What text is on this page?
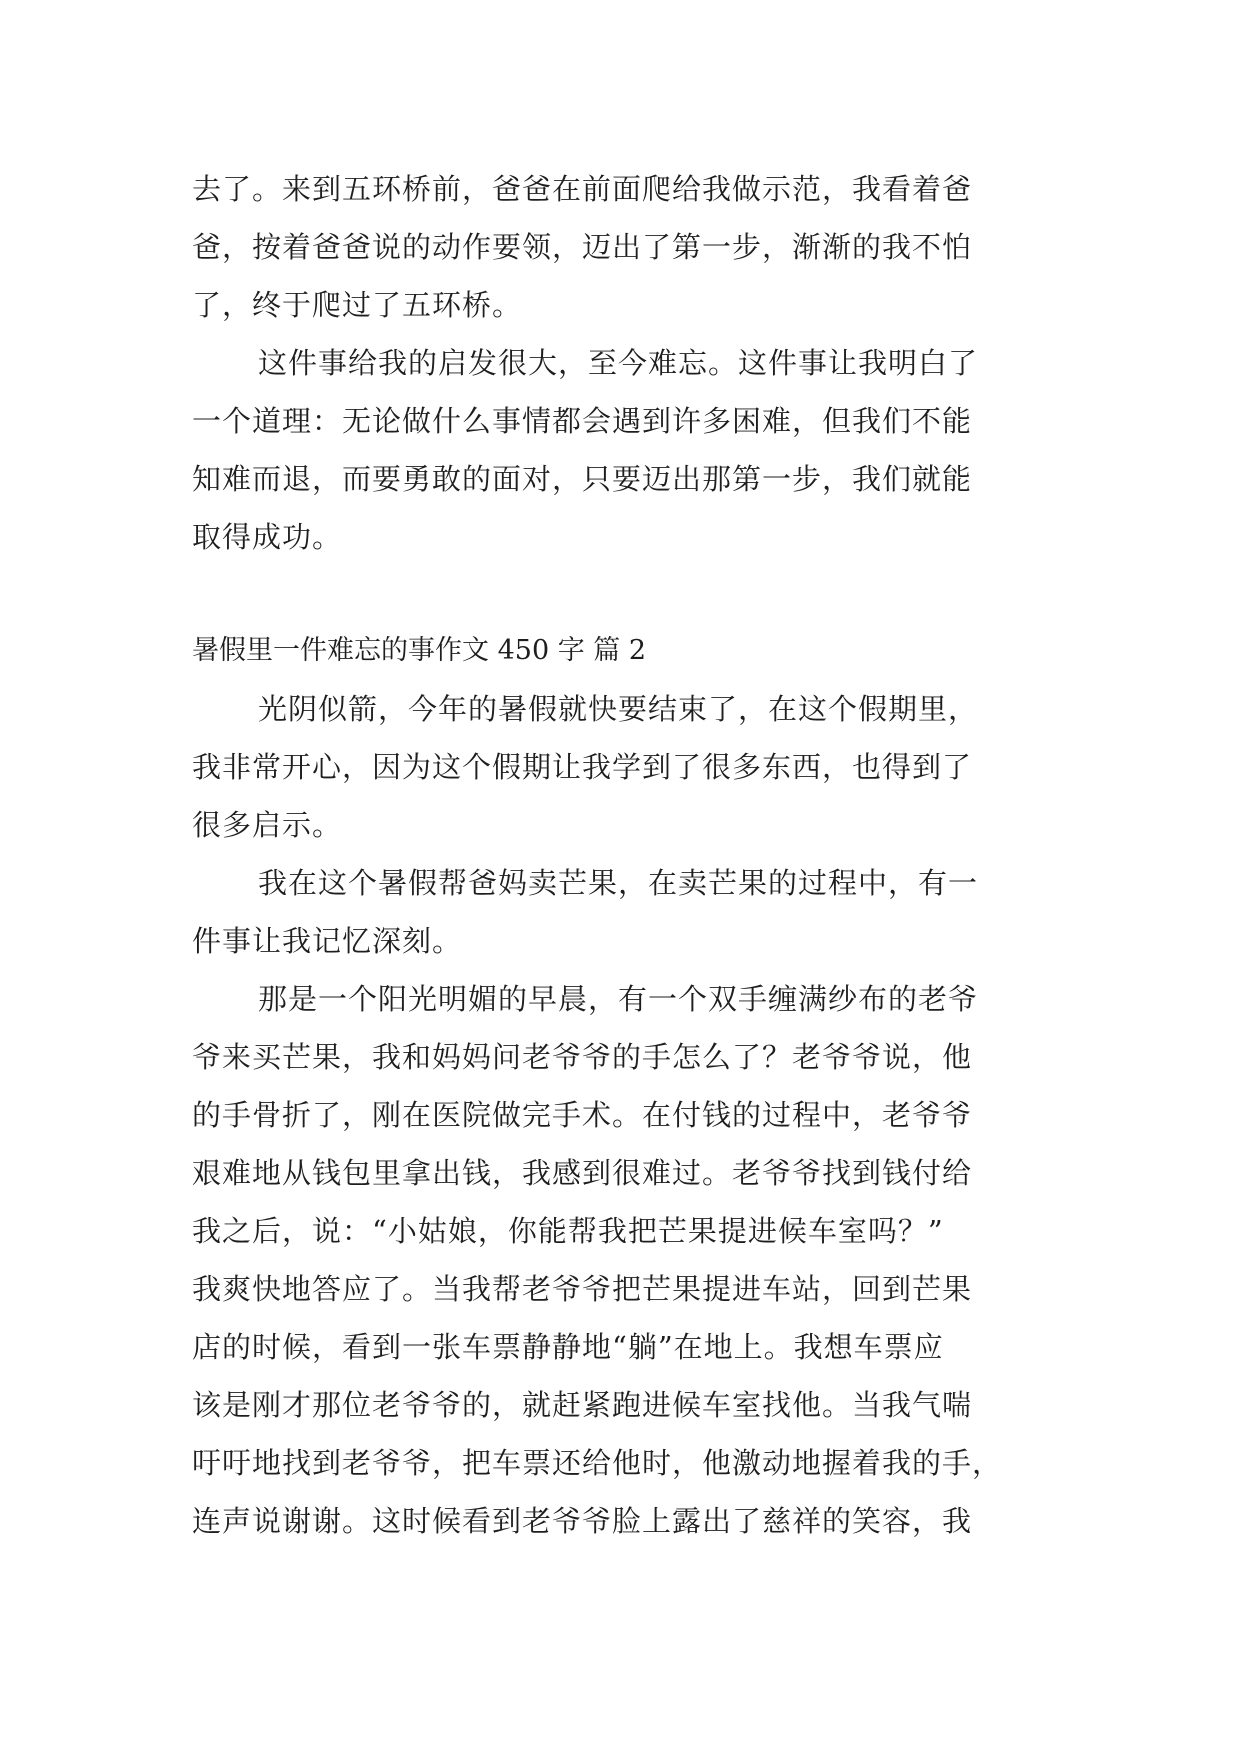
去了。来到五环桥前，爸爸在前面爬给我做示范，我看着爸
爸，按着爸爸说的动作要领，迈出了第一步，渐渐的我不怕
了，终于爬过了五环桥。
这件事给我的启发很大，至今难忘。这件事让我明白了
一个道理：无论做什么事情都会遇到许多困难，但我们不能
知难而退，而要勇敢的面对，只要迈出那第一步，我们就能
取得成功。
暑假里一件难忘的事作文 450 字 篇 2
光阴似箭，今年的暑假就快要结束了，在这个假期里，
我非常开心，因为这个假期让我学到了很多东西，也得到了
很多启示。
我在这个暑假帮爸妈卖芒果，在卖芒果的过程中，有一
件事让我记忆深刻。
那是一个阳光明媚的早晨，有一个双手缠满纱布的老爷
爷来买芒果，我和妈妈问老爷爷的手怎么了？老爷爷说，他
的手骨折了，刚在医院做完手术。在付钱的过程中，老爷爷
艰难地从钱包里拿出钱，我感到很难过。老爷爷找到钱付给
我之后，说：“小姑娘，你能帮我把芒果提进候车室吗？”
我爽快地答应了。当我帮老爷爷把芒果提进车站，回到芒果
店的时候，看到一张车票静静地“躺”在地上。我想车票应
该是刚才那位老爷爷的，就赶紧跑进候车室找他。当我气喘
吁吁地找到老爷爷，把车票还给他时，他激动地握着我的手，
连声说谢谢。这时候看到老爷爷脸上露出了慈祥的笑容，我
